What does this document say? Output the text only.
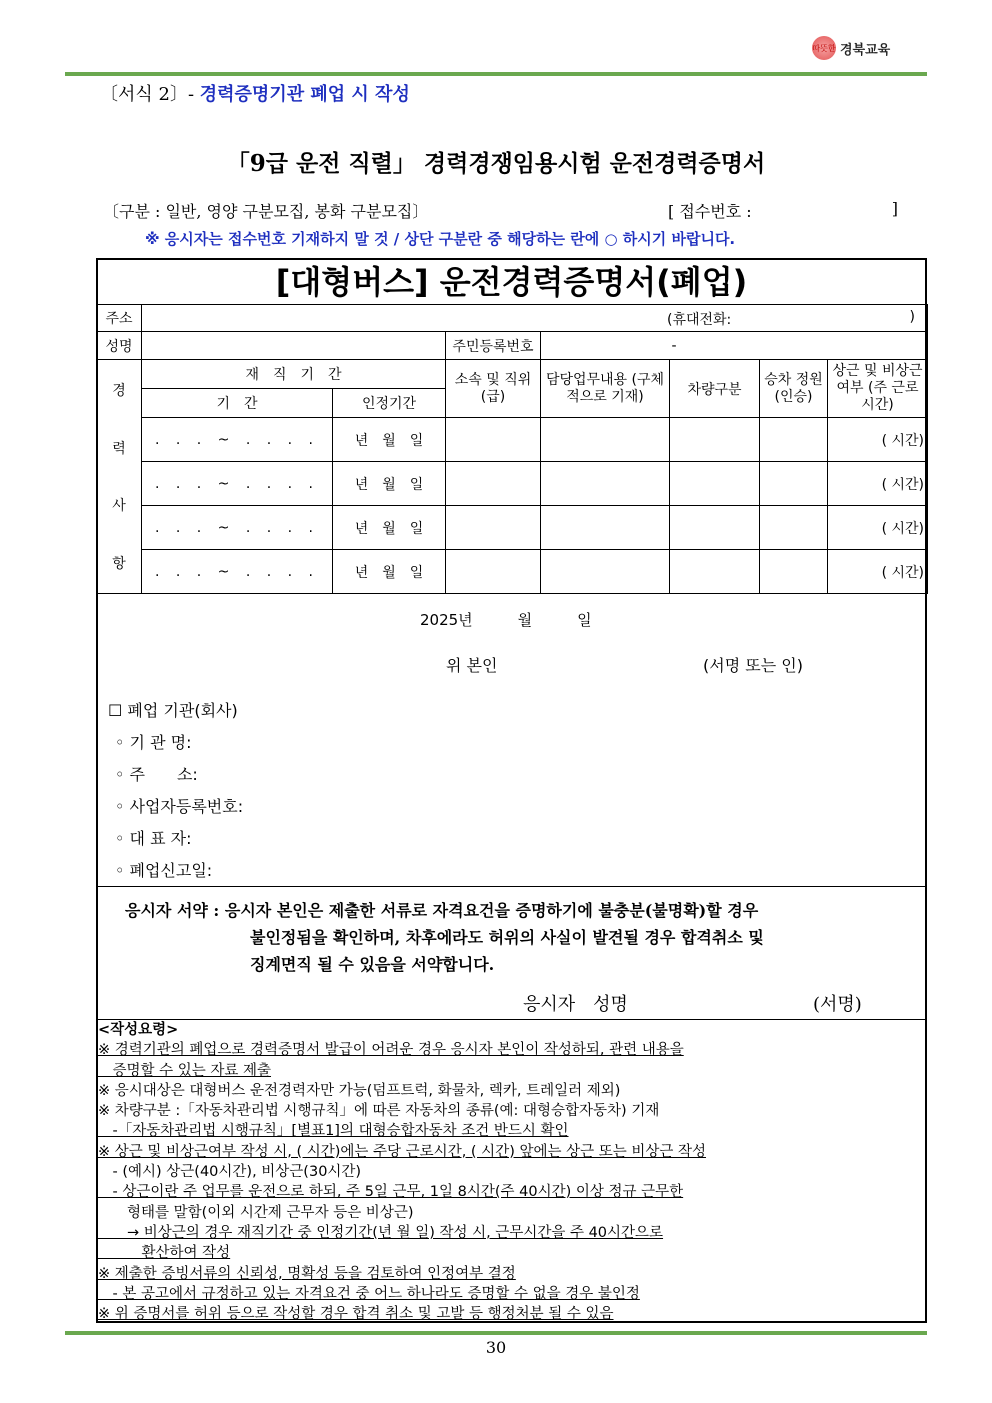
따뜻한 경북교육
〔서식 2〕- 경력증명기관 폐업 시 작성
「9급 운전 직렬」 경력경쟁임용시험 운전경력증명서
〔구분 : 일반, 영양 구분모집, 봉화 구분모집〕	[ 접수번호 :	]
※ 응시자는 접수번호 기재하지 말 것 / 상단 구분란 중 해당하는 란에 ○ 하시기 바랍니다.
[대형버스] 운전경력증명서(폐업)
주소	(휴대전화: )						

성명			주민등록번호	-			

경
력
사
항	재　직　기　간		소속 및 직위(급)	담당업무내용 (구체적으로 기재)	차량구분	승차 정원(인승)	상근 및 비상근여부 (주 근로시간)
	기　간	인정기간					
	. . . ~ . . . .	년　월　일					( 시간)
	. . . ~ . . . .	년　월　일					( 시간)
	. . . ~ . . . .	년　월　일					( 시간)
	. . . ~ . . . .	년　월　일					( 시간)
2025년　　　월　　　일
위 본인	(서명 또는 인)
☐ 폐업 기관(회사)
◦ 기 관 명:
◦ 주　　소:
◦ 사업자등록번호:
◦ 대 표 자:
◦ 폐업신고일:
응시자 서약 : 응시자 본인은 제출한 서류로 자격요건을 증명하기에 불충분(불명확)할 경우
불인정됨을 확인하며, 차후에라도 허위의 사실이 발견될 경우 합격취소 및
징계면직 될 수 있음을 서약합니다.
응시자　성명	(서명)
<작성요령>
※ 경력기관의 폐업으로 경력증명서 발급이 어려운 경우 응시자 본인이 작성하되, 관련 내용을
　증명할 수 있는 자료 제출
※ 응시대상은 대형버스 운전경력자만 가능(덤프트럭, 화물차, 렉카, 트레일러 제외)
※ 차량구분 :「자동차관리법 시행규칙」에 따른 자동차의 종류(예: 대형승합자동차) 기재
　-「자동차관리법 시행규칙」[별표1]의 대형승합자동차 조건 반드시 확인
※ 상근 및 비상근여부 작성 시, ( 시간)에는 주당 근로시간, ( 시간) 앞에는 상근 또는 비상근 작성
　- (예시) 상근(40시간), 비상근(30시간)
　- 상근이란 주 업무를 운전으로 하되, 주 5일 근무, 1일 8시간(주 40시간) 이상 정규 근무한
　　형태를 말함(이외 시간제 근무자 등은 비상근)
　　→ 비상근의 경우 재직기간 중 인정기간(년 월 일) 작성 시, 근무시간을 주 40시간으로
　　　환산하여 작성
※ 제출한 증빙서류의 신뢰성, 명확성 등을 검토하여 인정여부 결정
　- 본 공고에서 규정하고 있는 자격요건 중 어느 하나라도 증명할 수 없을 경우 불인정
※ 위 증명서를 허위 등으로 작성할 경우 합격 취소 및 고발 등 행정처분 될 수 있음
30
